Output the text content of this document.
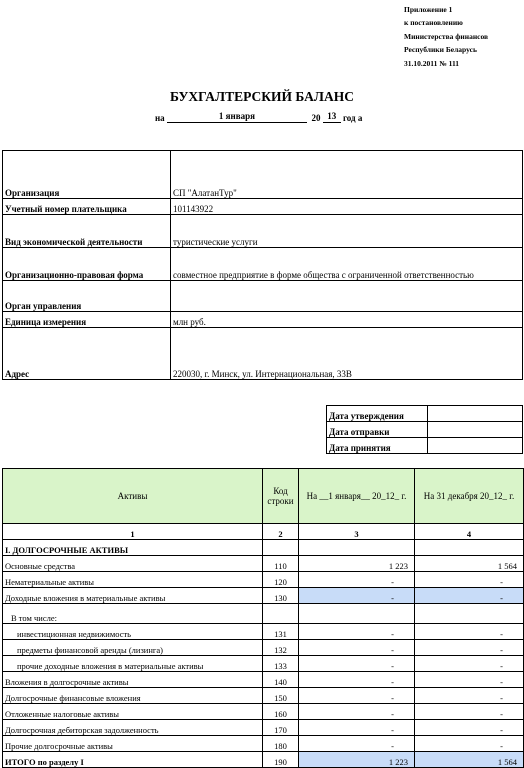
Приложение 1
к постановлению
Министерства финансов
Республики Беларусь
31.10.2011 № 111
БУХГАЛТЕРСКИЙ БАЛАНС
на	1 января	20 13 год а
Организация	СП "АлатанТур"
Учетный номер плательщика	101143922
Вид экономической деятельности	туристические услуги
Организационно-правовая форма	совместное предприятие в форме общества с ограниченной ответственностью
Орган управления	
Единица измерения	млн руб.
Адрес	220030, г. Минск, ул. Интернациональная, 33В
Дата утверждения	
Дата отправки	
Дата принятия	
Активы	Код строки	На __1 января__ 20_12_ г.	На 31 декабря 20_12_ г.
1	2	3	4
I. ДОЛГОСРОЧНЫЕ АКТИВЫ			
Основные средства	110	1 223	1 564
Нематериальные активы	120	-	-
Доходные вложения в материальные активы	130	-	-
В том числе:			
инвестиционная недвижимость	131	-	-
предметы финансовой аренды (лизинга)	132	-	-
прочие доходные вложения в материальные активы	133	-	-
Вложения в долгосрочные активы	140	-	-
Долгосрочные финансовые вложения	150	-	-
Отложенные налоговые активы	160	-	-
Долгосрочная дебиторская задолженность	170	-	-
Прочие долгосрочные активы	180	-	-
ИТОГО по разделу I	190	1 223	1 564
